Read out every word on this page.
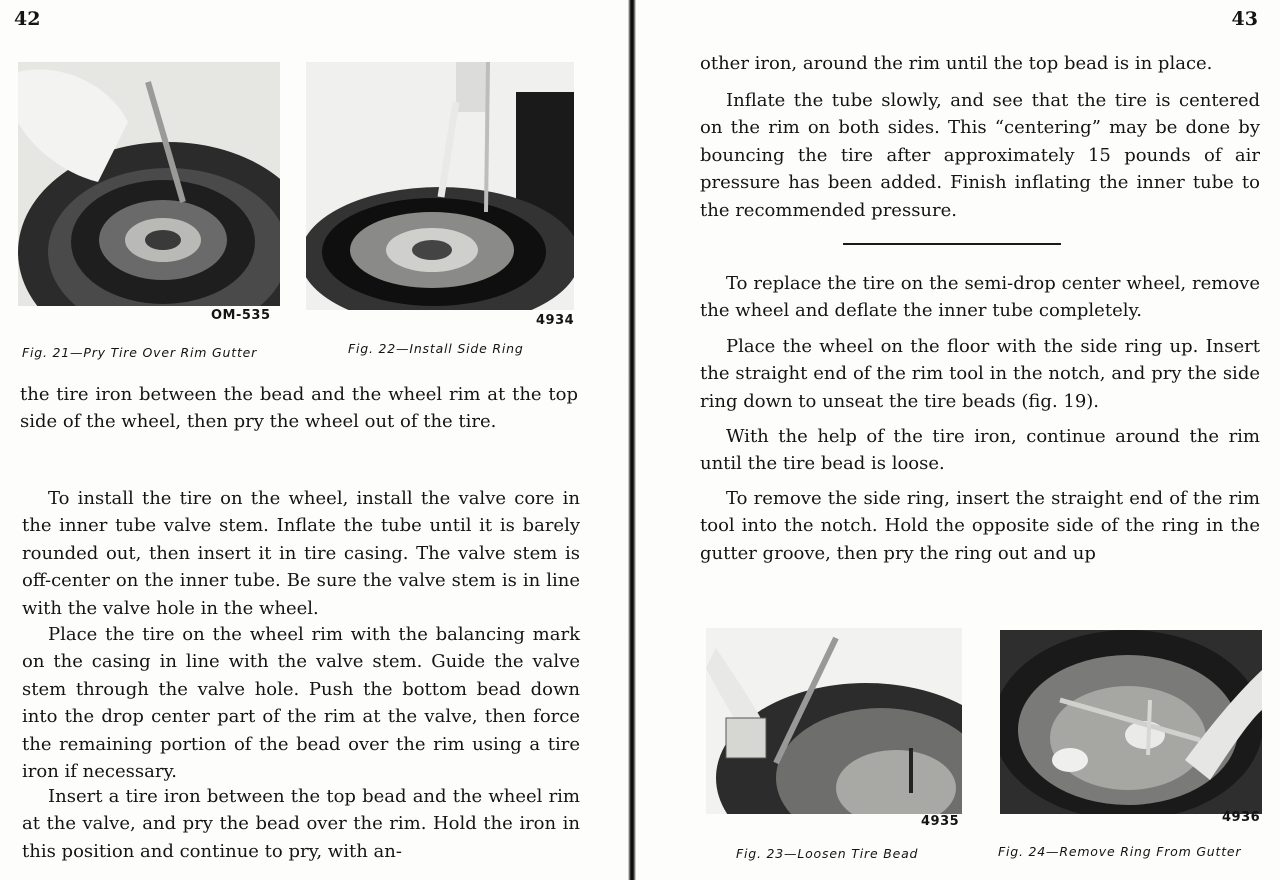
42
OM-535
Fig. 21—Pry Tire Over Rim Gutter
4934
Fig. 22—Install Side Ring

the tire iron between the bead and the wheel rim at the top side of the wheel, then pry the wheel out of the tire.

To install the tire on the wheel, install the valve core in the inner tube valve stem. Inflate the tube until it is barely rounded out, then insert it in tire casing. The valve stem is off-center on the inner tube. Be sure the valve stem is in line with the valve hole in the wheel.

Place the tire on the wheel rim with the balancing mark on the casing in line with the valve stem. Guide the valve stem through the valve hole. Push the bottom bead down into the drop center part of the rim at the valve, then force the remaining portion of the bead over the rim using a tire iron if necessary.

Insert a tire iron between the top bead and the wheel rim at the valve, and pry the bead over the rim. Hold the iron in this position and continue to pry, with an-

43

other iron, around the rim until the top bead is in place.

Inflate the tube slowly, and see that the tire is centered on the rim on both sides. This “centering” may be done by bouncing the tire after approximately 15 pounds of air pressure has been added. Finish inflating the inner tube to the recommended pressure.

To replace the tire on the semi-drop center wheel, remove the wheel and deflate the inner tube completely.

Place the wheel on the floor with the side ring up. Insert the straight end of the rim tool in the notch, and pry the side ring down to unseat the tire beads (fig. 19).

With the help of the tire iron, continue around the rim until the tire bead is loose.

To remove the side ring, insert the straight end of the rim tool into the notch. Hold the opposite side of the ring in the gutter groove, then pry the ring out and up

4935
Fig. 23—Loosen Tire Bead
4936
Fig. 24—Remove Ring From Gutter
